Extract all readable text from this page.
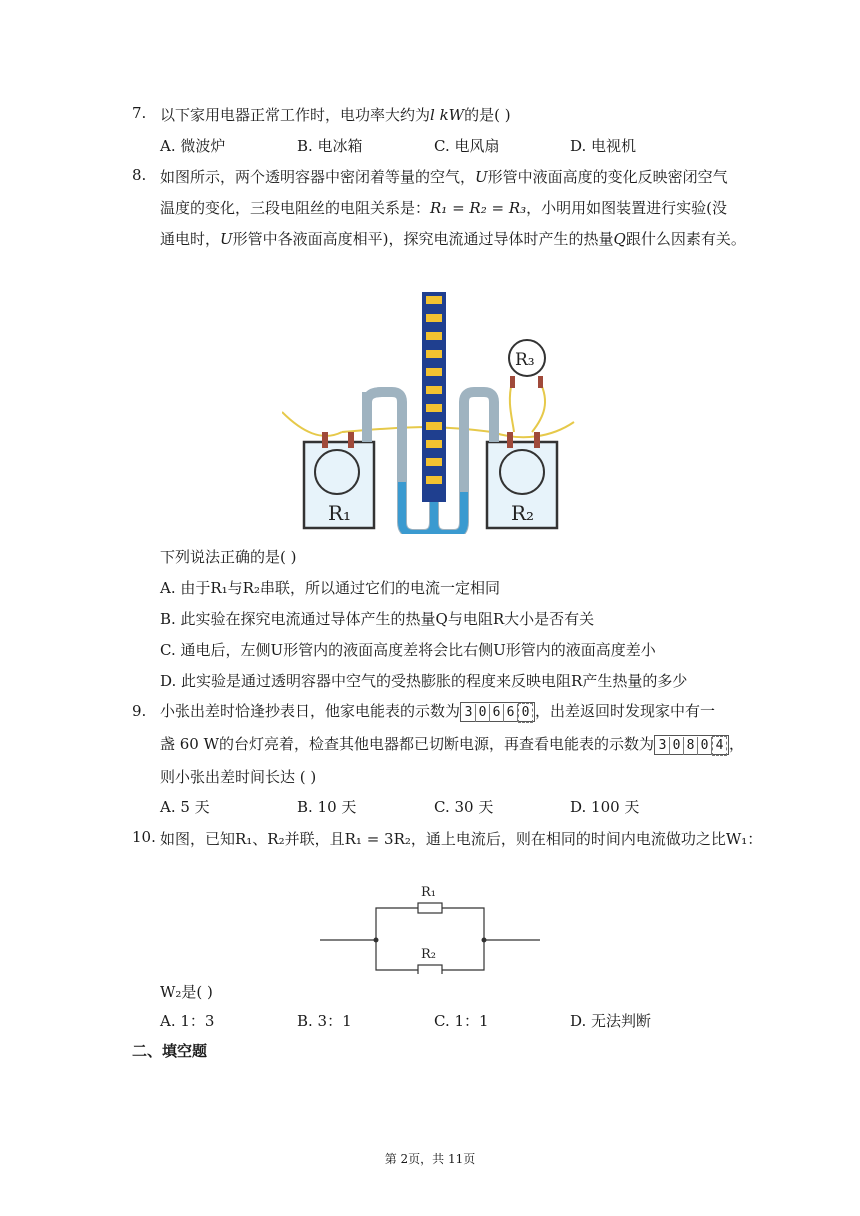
7. 以下家用电器正常工作时，电功率大约为l kW的是( )
A. 微波炉	B. 电冰箱	C. 电风扇	D. 电视机
8. 如图所示，两个透明容器中密闭着等量的空气，U形管中液面高度的变化反映密闭空气
温度的变化，三段电阻丝的电阻关系是：R₁ = R₂ = R₃，小明用如图装置进行实验(没
通电时，U形管中各液面高度相平)，探究电流通过导体时产生的热量Q跟什么因素有关。
R₁	R₂
R₃
下列说法正确的是( )
A. 由于R₁与R₂串联，所以通过它们的电流一定相同
B. 此实验在探究电流通过导体产生的热量Q与电阻R大小是否有关
C. 通电后，左侧U形管内的液面高度差将会比右侧U形管内的液面高度差小
D. 此实验是通过透明容器中空气的受热膨胀的程度来反映电阻R产生热量的多少
9. 小张出差时恰逢抄表日，他家电能表的示数为 3 0 6 6 0 ，出差返回时发现家中有一
盏 60 W的台灯亮着，检查其他电器都已切断电源，再查看电能表的示数为 3 0 8 0 4 ，
则小张出差时间长达 ( )
A. 5 天	B. 10 天	C. 30 天	D. 100 天
10. 如图，已知R₁、R₂并联，且R₁ = 3R₂，通上电流后，则在相同的时间内电流做功之比W₁：
R₁
R₂
W₂是( )
A. 1：3	B. 3：1	C. 1：1	D. 无法判断
二、填空题
第 2页，共 11页
